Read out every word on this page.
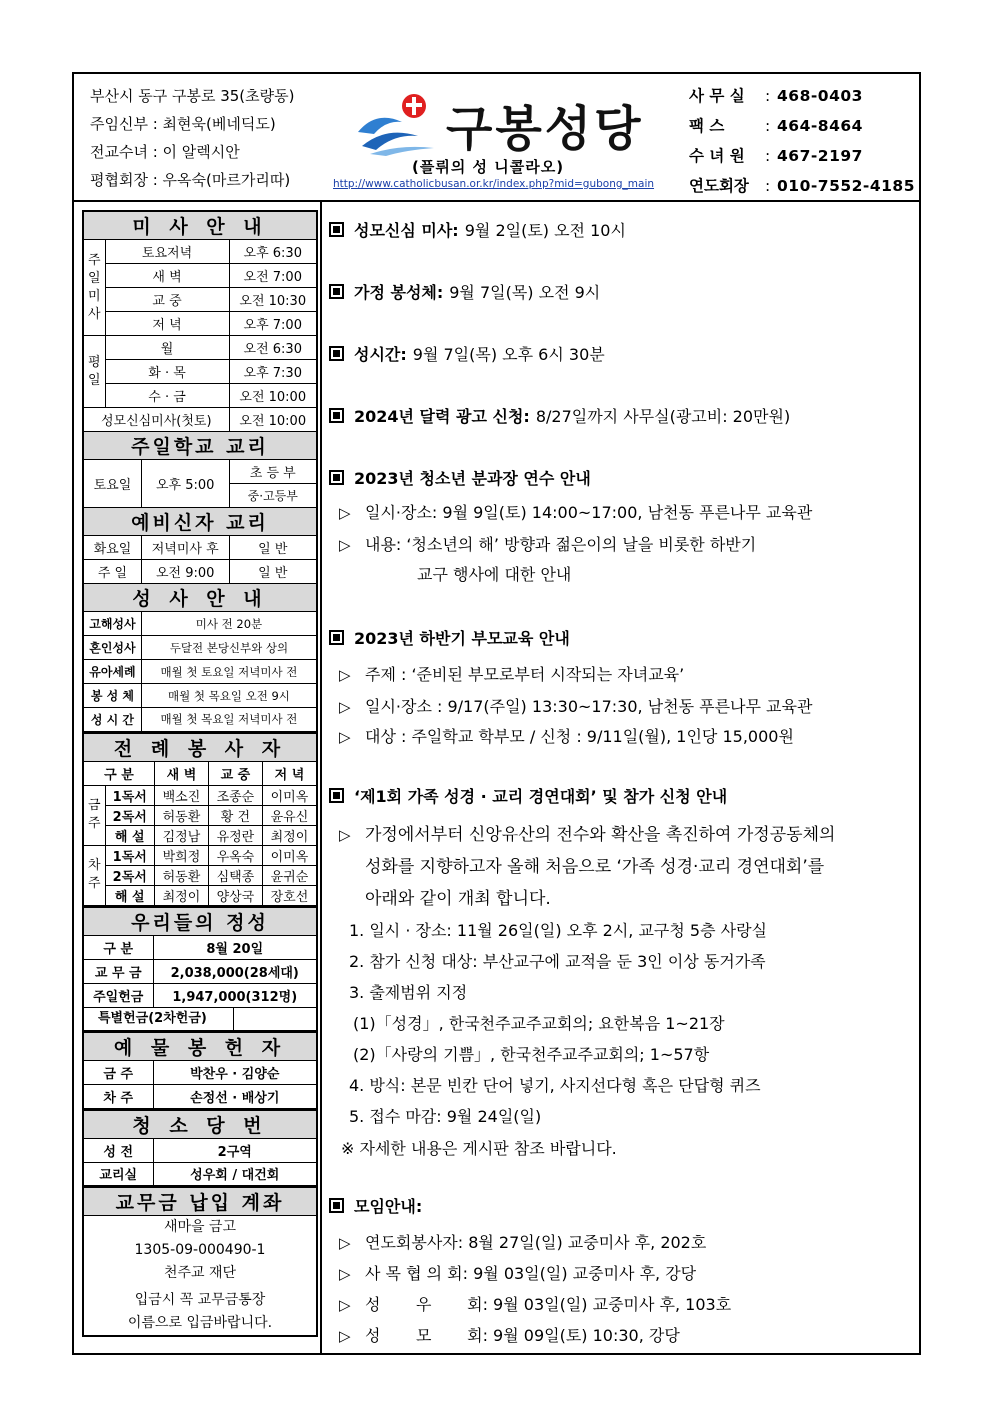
부산시 동구 구봉로 35(초량동)
주임신부 : 최현욱(베네딕도)
전교수녀 : 이 알렉시안
평협회장 : 우옥숙(마르가리따)
구봉성당
(플뤼의 성 니콜라오)
http://www.catholicbusan.or.kr/index.php?mid=gubong_main
사 무 실	: 468-0403
팩 스	: 464-8464
수 녀 원	: 467-2197
연도회장	: 010-7552-4185
미 사 안 내			
주 일 미 사	토요저녁		오후 6:30
	새 벽		오전 7:00
	교 중		오전 10:30
	저 녁		오후 7:00
평 일	월		오전 6:30
	화 · 목		오후 7:30
	수 · 금		오전 10:00
성모신심미사(첫토)			오전 10:00
주일학교 교리			
토요일		오후 5:00	초 등 부
			중·고등부
예비신자 교리			
화요일		저녁미사 후	일 반
주 일		오전 9:00	일 반
성 사 안 내			
고해성사		미사 전 20분	
혼인성사		두달전 본당신부와 상의	
유아세례		매월 첫 토요일 저녁미사 전	
봉 성 체		매월 첫 목요일 오전 9시	
성 시 간		매월 첫 목요일 저녁미사 전	
전 례 봉 사 자				
구 분		새 벽	교 중	저 녁
금 주	1독서	백소진	조종순	이미옥
	2독서	허동환	황 건	윤유신
	해 설	김정남	유정란	최정이
차 주	1독서	박희정	우옥숙	이미옥
	2독서	허동환	심택종	윤귀순
	해 설	최정이	양상국	장호선
우리들의 정성	
구 분	8월 20일
교 무 금	2,038,000(28세대)
주일헌금	1,947,000(312명)
특별헌금(2차헌금)	
예 물 봉 헌 자	
금 주	박찬우 · 김양순
차 주	손정선 · 배상기
청 소 당 번	
성 전	2구역
교리실	성우회 / 대건회
교무금 납입 계좌

새마을 금고
1305-09-000490-1
천주교 재단
입금시 꼭 교무금통장
이름으로 입금바랍니다.
성모신심 미사: 9월 2일(토) 오전 10시
가정 봉성체: 9월 7일(목) 오전 9시
성시간: 9월 7일(목) 오후 6시 30분
2024년 달력 광고 신청: 8/27일까지 사무실(광고비: 20만원)
2023년 청소년 분과장 연수 안내
▷일시·장소: 9월 9일(토) 14:00~17:00, 남천동 푸른나무 교육관
▷내용: ‘청소년의 해’ 방향과 젊은이의 날을 비롯한 하반기
교구 행사에 대한 안내
2023년 하반기 부모교육 안내
▷주제 : ‘준비된 부모로부터 시작되는 자녀교육’
▷일시·장소 : 9/17(주일) 13:30~17:30, 남천동 푸른나무 교육관
▷대상 : 주일학교 학부모 / 신청 : 9/11일(월), 1인당 15,000원
‘제1회 가족 성경 · 교리 경연대회’ 및 참가 신청 안내
▷가정에서부터 신앙유산의 전수와 확산을 촉진하여 가정공동체의
성화를 지향하고자 올해 처음으로 ‘가족 성경·교리 경연대회’를
아래와 같이 개최 합니다.
1. 일시 · 장소: 11월 26일(일) 오후 2시, 교구청 5층 사랑실
2. 참가 신청 대상: 부산교구에 교적을 둔 3인 이상 동거가족
3. 출제범위 지정
(1)「성경」, 한국천주교주교회의; 요한복음 1~21장
(2)「사랑의 기쁨」, 한국천주교주교회의; 1~57항
4. 방식: 본문 빈칸 단어 넣기, 사지선다형 혹은 단답형 퀴즈
5. 접수 마감: 9월 24일(일)
※ 자세한 내용은 게시판 참조 바랍니다.
모임안내:
▷연도회봉사자: 8월 27일(일) 교중미사 후, 202호
▷사 목 협 의 회: 9월 03일(일) 교중미사 후, 강당
▷ 성       우       회: 9월 03일(일) 교중미사 후, 103호
▷ 성       모       회: 9월 09일(토) 10:30, 강당
